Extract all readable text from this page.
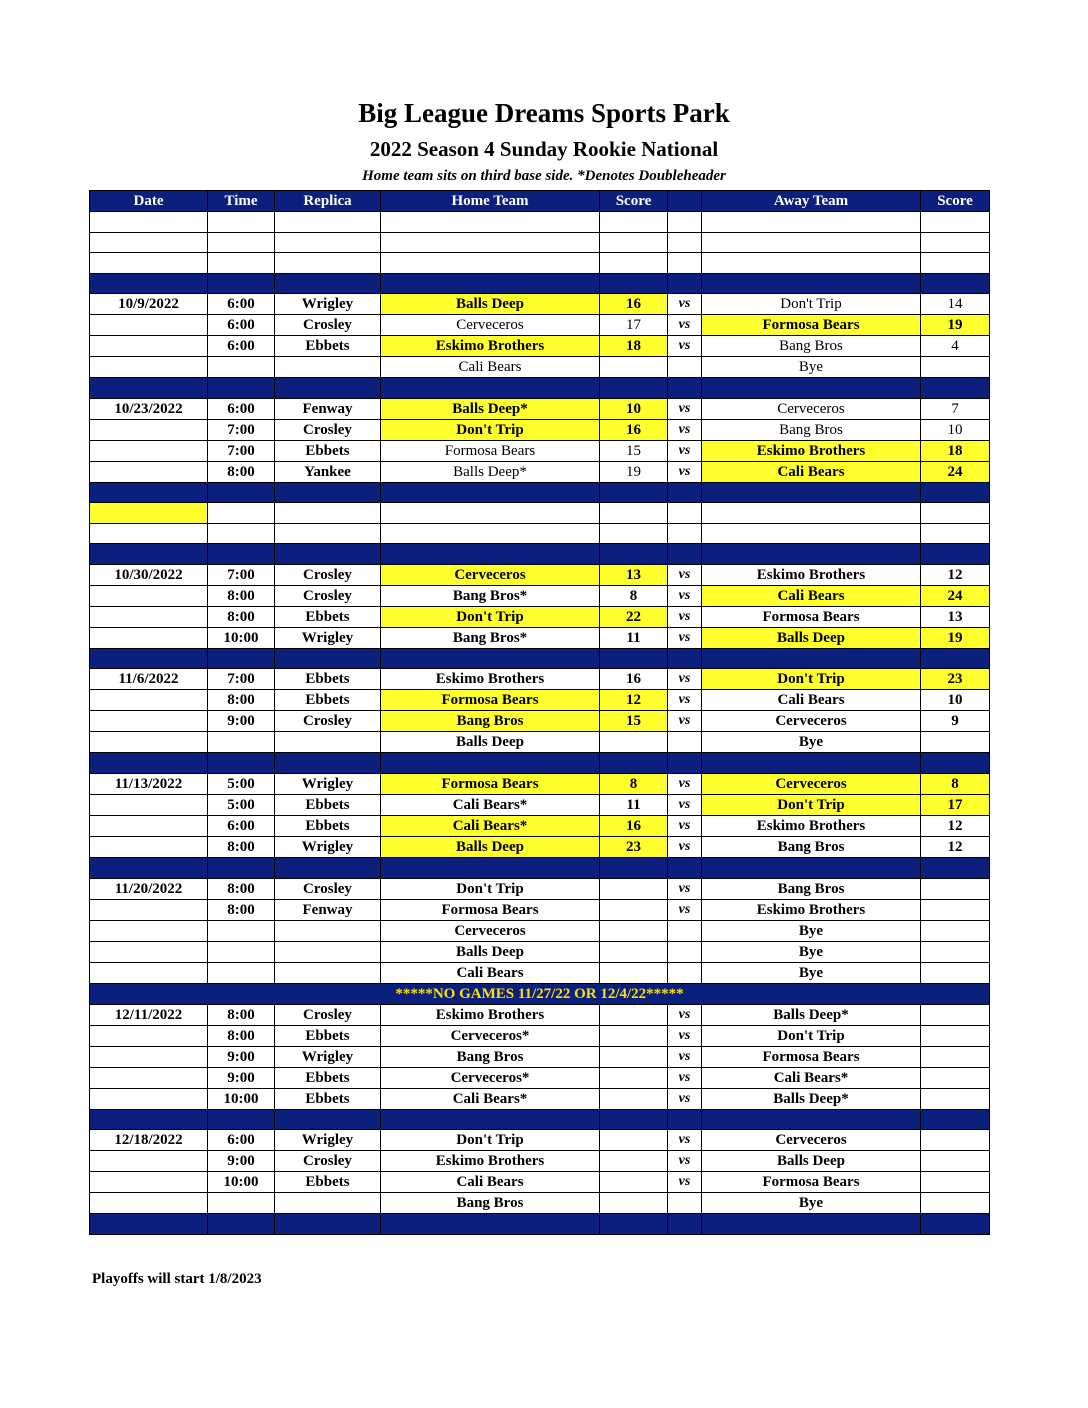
Big League Dreams Sports Park
2022 Season 4 Sunday Rookie National
Home team sits on third base side. *Denotes Doubleheader
Date	Time	Replica	Home Team	Score		Away Team	Score

10/9/2022	6:00	Wrigley	Balls Deep	16	vs	Don't Trip	14
	6:00	Crosley	Cerveceros	17	vs	Formosa Bears	19
	6:00	Ebbets	Eskimo Brothers	18	vs	Bang Bros	4
			Cali Bears			Bye	

10/23/2022	6:00	Fenway	Balls Deep*	10	vs	Cerveceros	7
	7:00	Crosley	Don't Trip	16	vs	Bang Bros	10
	7:00	Ebbets	Formosa Bears	15	vs	Eskimo Brothers	18
	8:00	Yankee	Balls Deep*	19	vs	Cali Bears	24

10/30/2022	7:00	Crosley	Cerveceros	13	vs	Eskimo Brothers	12
	8:00	Crosley	Bang Bros*	8	vs	Cali Bears	24
	8:00	Ebbets	Don't Trip	22	vs	Formosa Bears	13
	10:00	Wrigley	Bang Bros*	11	vs	Balls Deep	19

11/6/2022	7:00	Ebbets	Eskimo Brothers	16	vs	Don't Trip	23
	8:00	Ebbets	Formosa Bears	12	vs	Cali Bears	10
	9:00	Crosley	Bang Bros	15	vs	Cerveceros	9
			Balls Deep			Bye	

11/13/2022	5:00	Wrigley	Formosa Bears	8	vs	Cerveceros	8
	5:00	Ebbets	Cali Bears*	11	vs	Don't Trip	17
	6:00	Ebbets	Cali Bears*	16	vs	Eskimo Brothers	12
	8:00	Wrigley	Balls Deep	23	vs	Bang Bros	12

11/20/2022	8:00	Crosley	Don't Trip		vs	Bang Bros	
	8:00	Fenway	Formosa Bears		vs	Eskimo Brothers	
			Cerveceros			Bye	
			Balls Deep			Bye	
			Cali Bears			Bye	
*****NO GAMES 11/27/22 OR 12/4/22*****							
12/11/2022	8:00	Crosley	Eskimo Brothers		vs	Balls Deep*	
	8:00	Ebbets	Cerveceros*		vs	Don't Trip	
	9:00	Wrigley	Bang Bros		vs	Formosa Bears	
	9:00	Ebbets	Cerveceros*		vs	Cali Bears*	
	10:00	Ebbets	Cali Bears*		vs	Balls Deep*	

12/18/2022	6:00	Wrigley	Don't Trip		vs	Cerveceros	
	9:00	Crosley	Eskimo Brothers		vs	Balls Deep	
	10:00	Ebbets	Cali Bears		vs	Formosa Bears	
			Bang Bros			Bye	

Playoffs will start 1/8/2023
